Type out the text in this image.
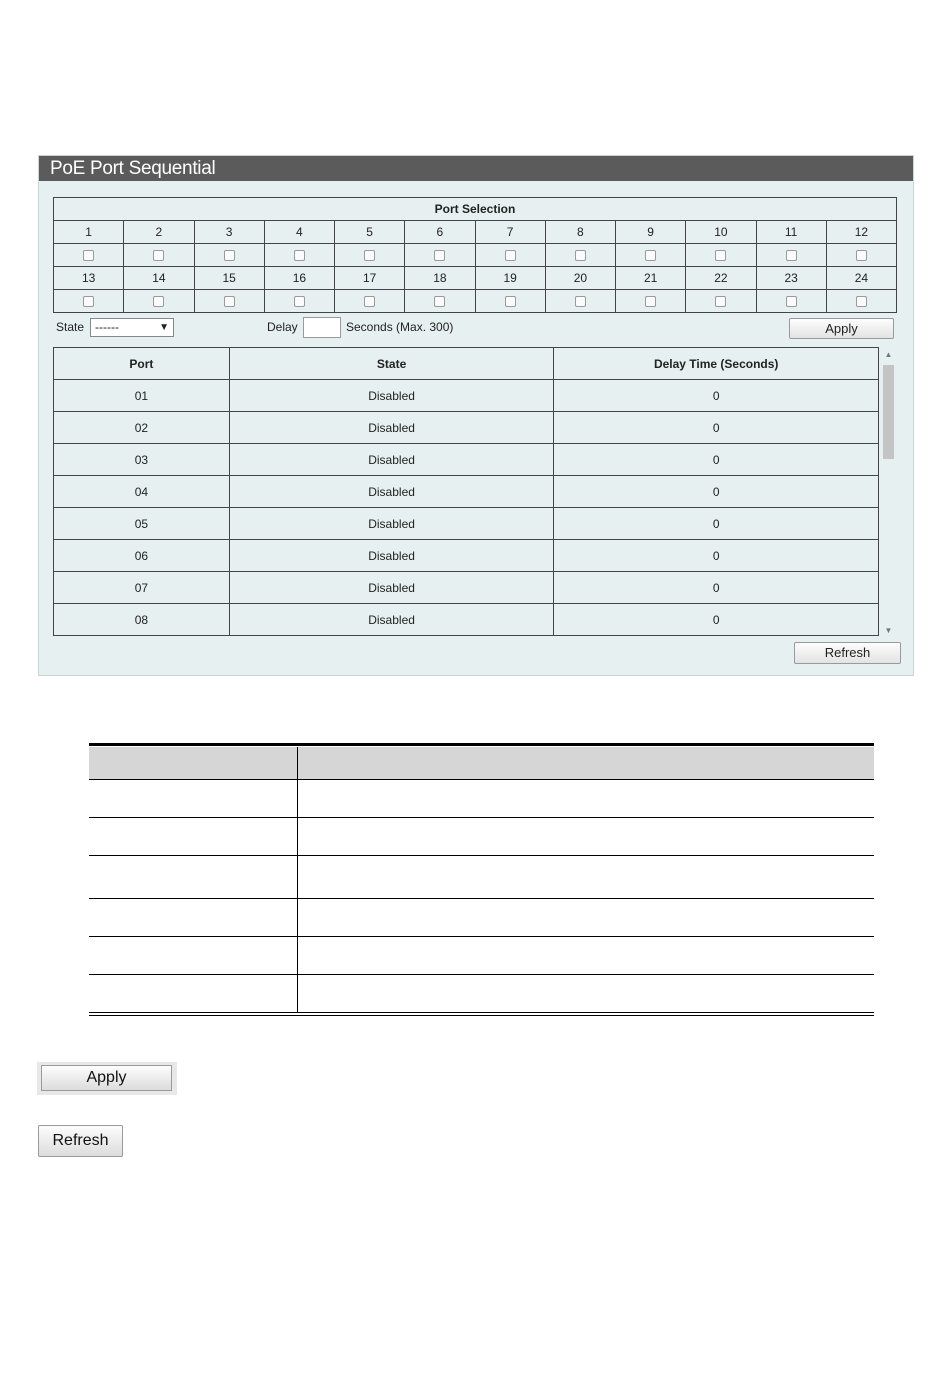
PoE Port Sequential
Port Selection											
1	2	3	4	5	6	7	8	9	10	11	12

13	14	15	16	17	18	19	20	21	22	23	24

State ------	▼	Delay	Seconds (Max. 300)	Apply
Port	State	Delay Time (Seconds)
01	Disabled	0
02	Disabled	0
03	Disabled	0
04	Disabled	0
05	Disabled	0
06	Disabled	0
07	Disabled	0
08	Disabled	0
▲
▼
Refresh
Apply
Refresh
